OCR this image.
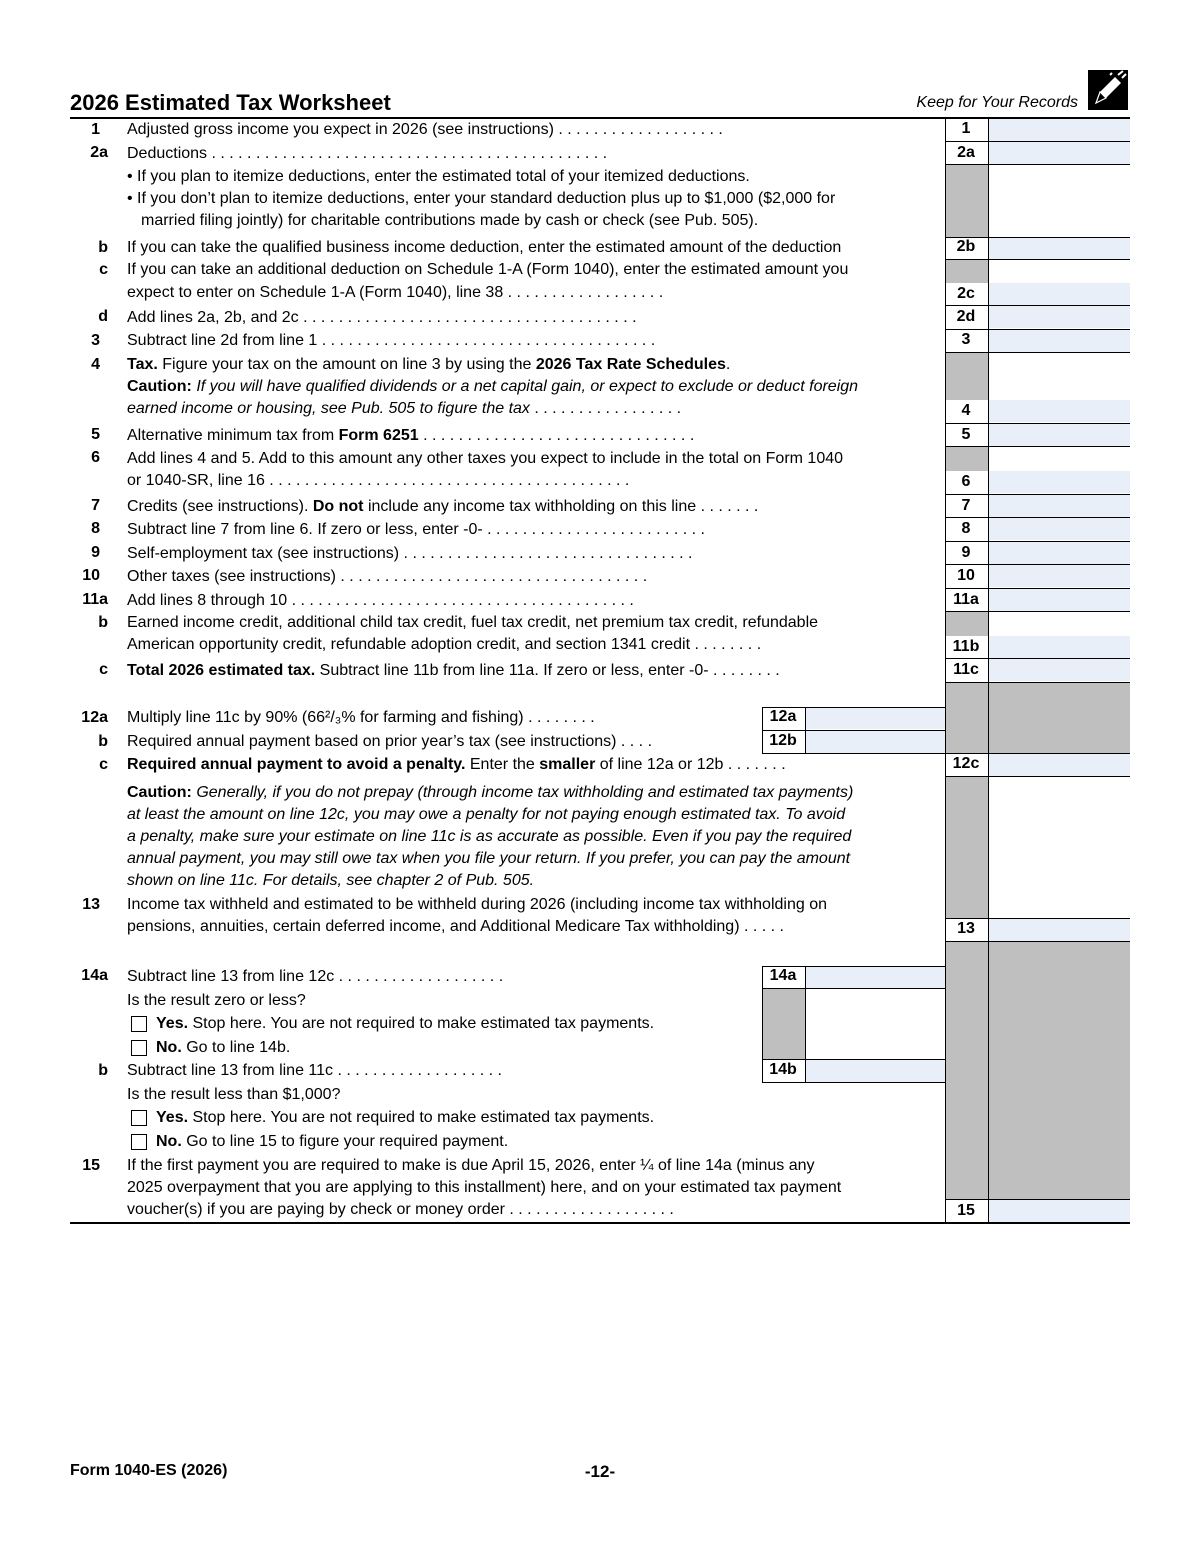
2026 Estimated Tax Worksheet	Keep for Your Records
1 Adjusted gross income you expect in 2026 (see instructions) . . . . . . . . . . . . . . . . . . .	1
2a Deductions . . . . . . . . . . . . . . . . . . . . . . . . . . . . . . . . . . . . . . . . . . . . .	2a
• If you plan to itemize deductions, enter the estimated total of your itemized deductions.
• If you don’t plan to itemize deductions, enter your standard deduction plus up to $1,000 ($2,000 for
married filing jointly) for charitable contributions made by cash or check (see Pub. 505).
b If you can take the qualified business income deduction, enter the estimated amount of the deduction	2b
c If you can take an additional deduction on Schedule 1-A (Form 1040), enter the estimated amount you
expect to enter on Schedule 1-A (Form 1040), line 38 . . . . . . . . . . . . . . . . . .	2c
d Add lines 2a, 2b, and 2c . . . . . . . . . . . . . . . . . . . . . . . . . . . . . . . . . . . . . .	2d
3 Subtract line 2d from line 1 . . . . . . . . . . . . . . . . . . . . . . . . . . . . . . . . . . . . . .	3
4 Tax. Figure your tax on the amount on line 3 by using the 2026 Tax Rate Schedules.
Caution: If you will have qualified dividends or a net capital gain, or expect to exclude or deduct foreign
earned income or housing, see Pub. 505 to figure the tax . . . . . . . . . . . . . . . . .	4
5 Alternative minimum tax from Form 6251 . . . . . . . . . . . . . . . . . . . . . . . . . . . . . . .	5
6 Add lines 4 and 5. Add to this amount any other taxes you expect to include in the total on Form 1040
or 1040-SR, line 16 . . . . . . . . . . . . . . . . . . . . . . . . . . . . . . . . . . . . . . . . .	6
7 Credits (see instructions). Do not include any income tax withholding on this line . . . . . . .	7
8 Subtract line 7 from line 6. If zero or less, enter -0- . . . . . . . . . . . . . . . . . . . . . . . . .	8
9 Self-employment tax (see instructions) . . . . . . . . . . . . . . . . . . . . . . . . . . . . . . . . .	9
10 Other taxes (see instructions) . . . . . . . . . . . . . . . . . . . . . . . . . . . . . . . . . . .	10
11a Add lines 8 through 10 . . . . . . . . . . . . . . . . . . . . . . . . . . . . . . . . . . . . . . .	11a
b Earned income credit, additional child tax credit, fuel tax credit, net premium tax credit, refundable
American opportunity credit, refundable adoption credit, and section 1341 credit . . . . . . . .	11b
c Total 2026 estimated tax. Subtract line 11b from line 11a. If zero or less, enter -0- . . . . . . . .	11c
12a Multiply line 11c by 90% (66²/₃% for farming and fishing) . . . . . . . .	12a
b Required annual payment based on prior year’s tax (see instructions) . . . .	12b
c Required annual payment to avoid a penalty. Enter the smaller of line 12a or 12b . . . . . . .	12c
Caution: Generally, if you do not prepay (through income tax withholding and estimated tax payments)
at least the amount on line 12c, you may owe a penalty for not paying enough estimated tax. To avoid
a penalty, make sure your estimate on line 11c is as accurate as possible. Even if you pay the required
annual payment, you may still owe tax when you file your return. If you prefer, you can pay the amount
shown on line 11c. For details, see chapter 2 of Pub. 505.
13 Income tax withheld and estimated to be withheld during 2026 (including income tax withholding on
pensions, annuities, certain deferred income, and Additional Medicare Tax withholding) . . . . .	13
14a Subtract line 13 from line 12c . . . . . . . . . . . . . . . . . . .	14a
Is the result zero or less?
Yes. Stop here. You are not required to make estimated tax payments.
No. Go to line 14b.
b Subtract line 13 from line 11c . . . . . . . . . . . . . . . . . . .	14b
Is the result less than $1,000?
Yes. Stop here. You are not required to make estimated tax payments.
No. Go to line 15 to figure your required payment.
15 If the first payment you are required to make is due April 15, 2026, enter ¼ of line 14a (minus any
2025 overpayment that you are applying to this installment) here, and on your estimated tax payment
voucher(s) if you are paying by check or money order . . . . . . . . . . . . . . . . . . .	15
Form 1040-ES (2026)	-12-
